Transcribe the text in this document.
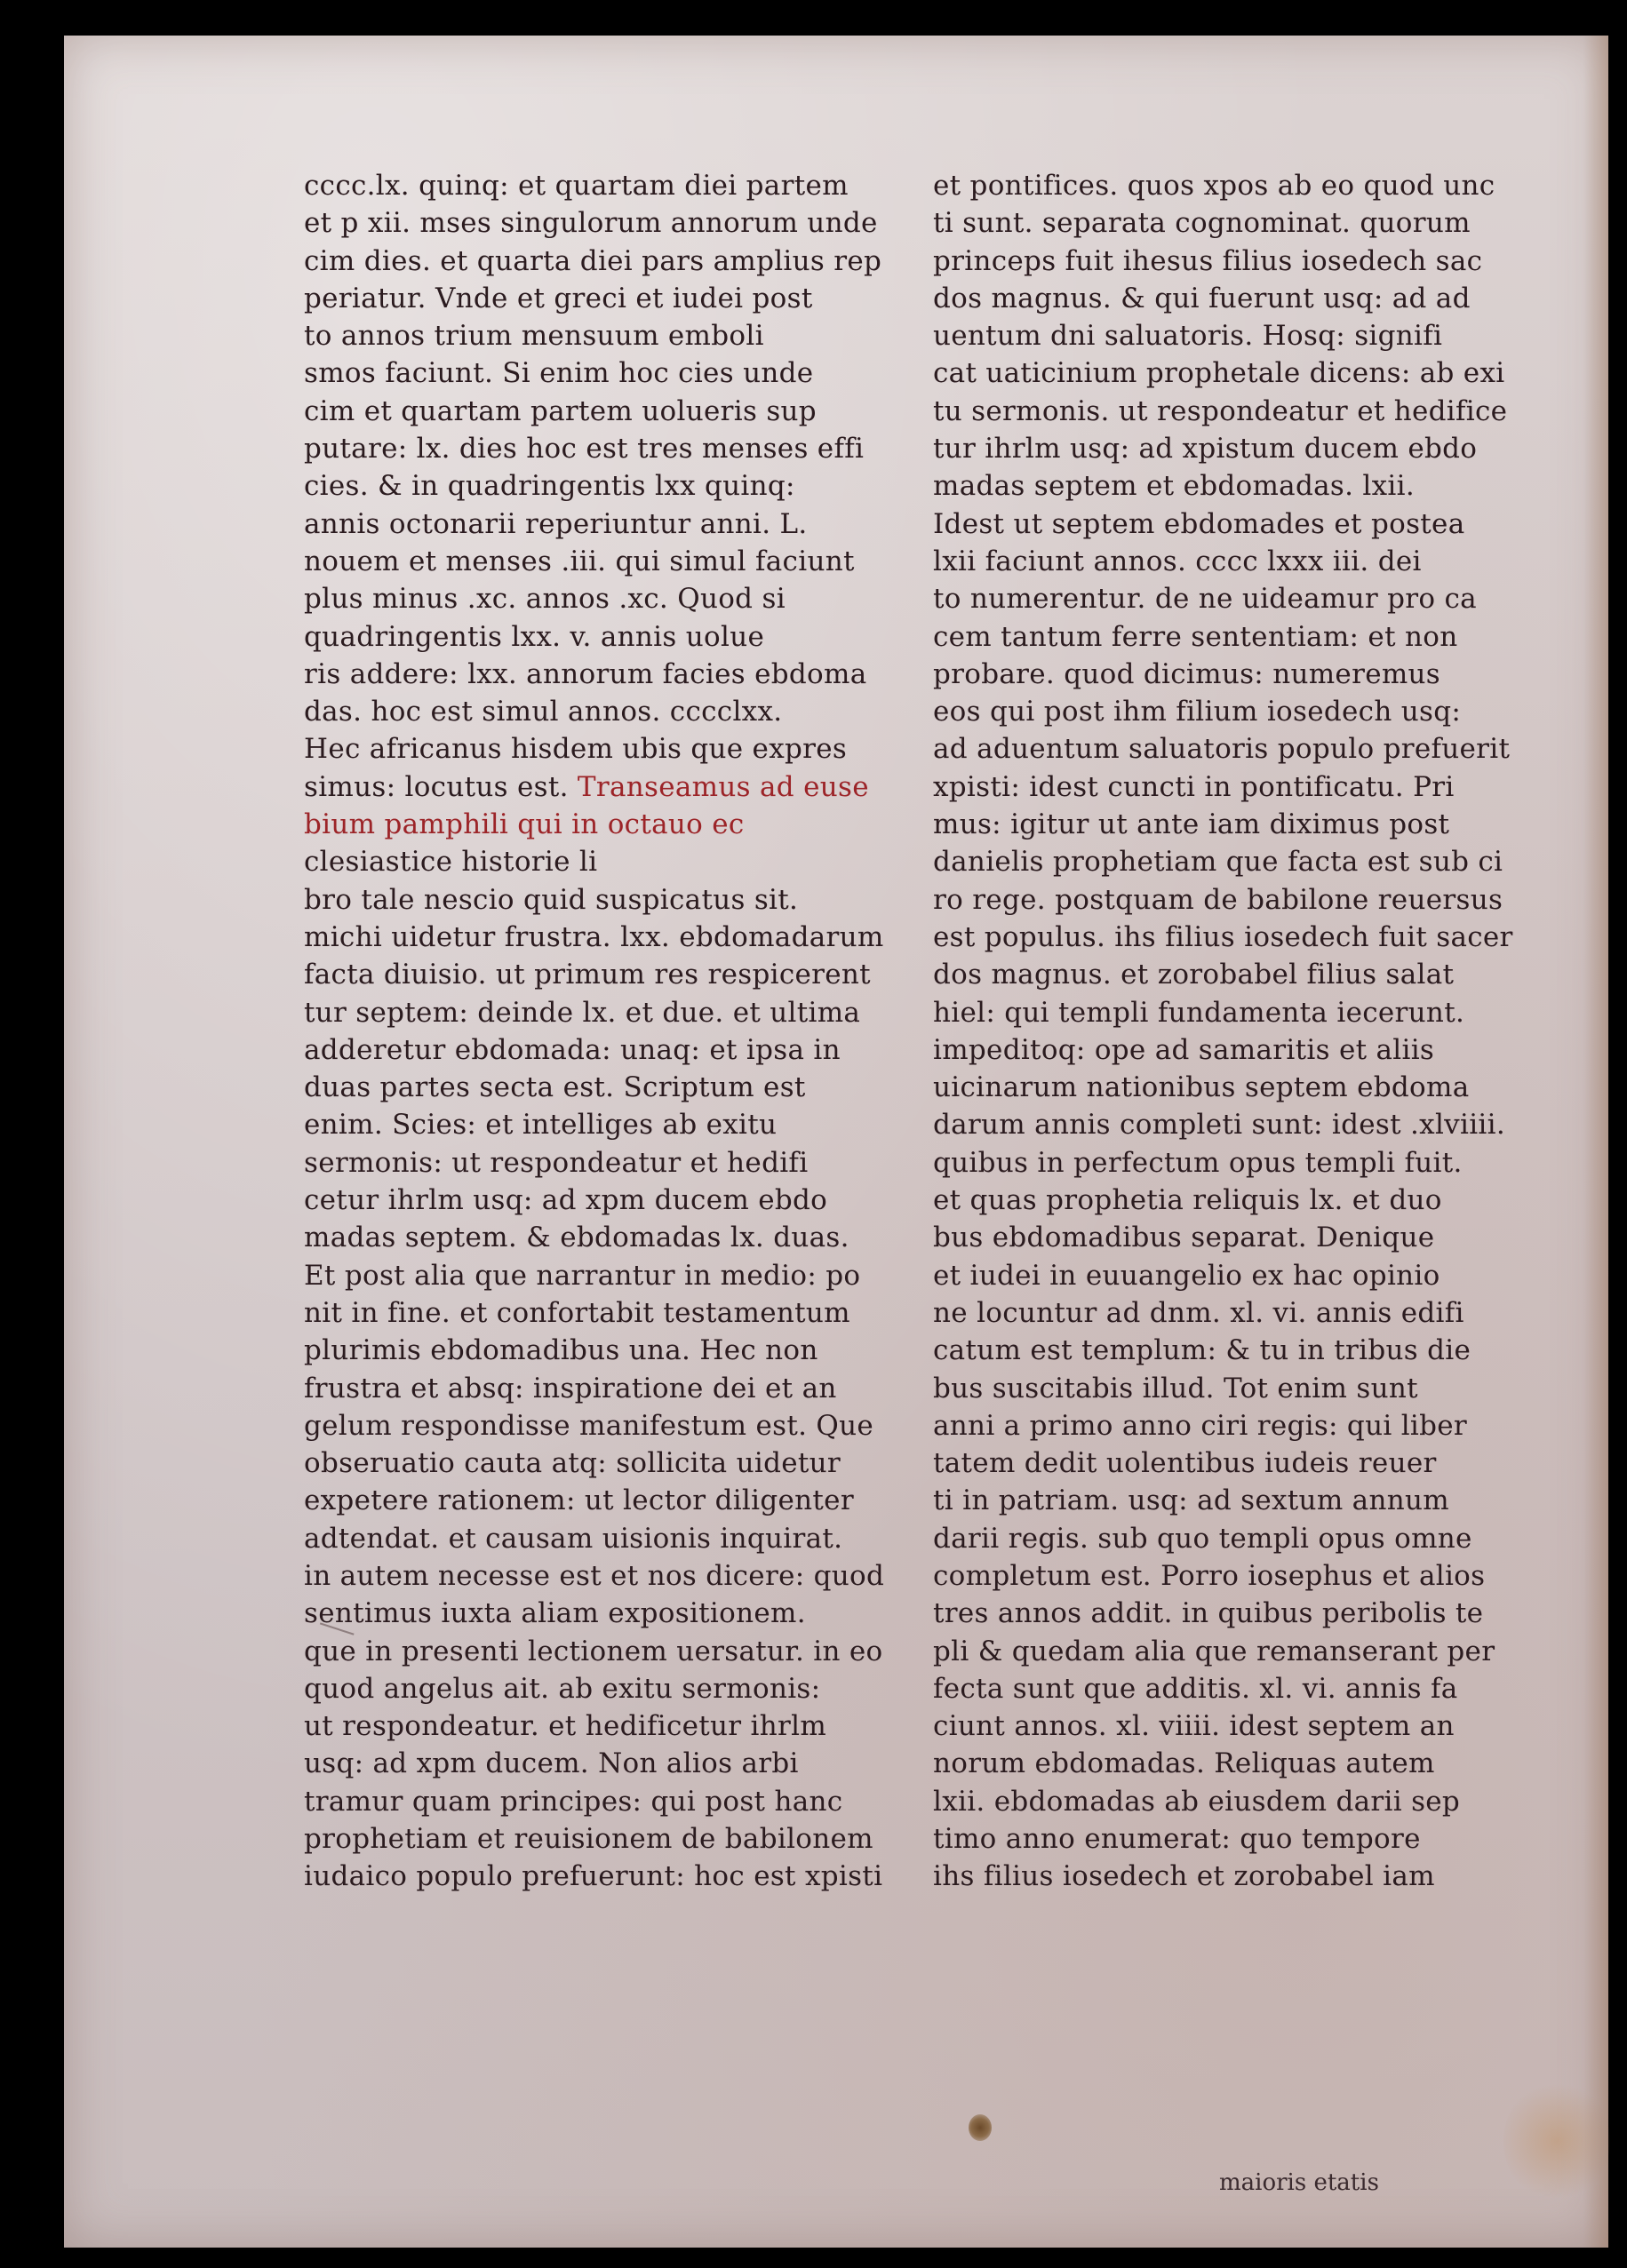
cccc.lx. quinq: et quartam diei partem
et p xii. mses singulorum annorum unde
cim dies. et quarta diei pars amplius rep
periatur. Vnde et greci et iudei post
to annos trium mensuum emboli
smos faciunt. Si enim hoc cies unde
cim et quartam partem uolueris sup
putare: lx. dies hoc est tres menses effi
cies. & in quadringentis lxx quinq:
annis octonarii reperiuntur anni. L.
nouem et menses .iii. qui simul faciunt
plus minus .xc. annos .xc. Quod si
quadringentis lxx. v. annis uolue
ris addere: lxx. annorum facies ebdoma
das. hoc est simul annos. cccclxx.
Hec africanus hisdem ubis que expres
simus: locutus est. Transeamus ad euse
bium pamphili qui in octauo ec
clesiastice historie li
bro tale nescio quid suspicatus sit.
michi uidetur frustra. lxx. ebdomadarum
facta diuisio. ut primum res respicerent
tur septem: deinde lx. et due. et ultima
adderetur ebdomada: unaq: et ipsa in
duas partes secta est. Scriptum est
enim. Scies: et intelliges ab exitu
sermonis: ut respondeatur et hedifi
cetur ihrlm usq: ad xpm ducem ebdo
madas septem. & ebdomadas lx. duas.
Et post alia que narrantur in medio: po
nit in fine. et confortabit testamentum
plurimis ebdomadibus una. Hec non
frustra et absq: inspiratione dei et an
gelum respondisse manifestum est. Que
obseruatio cauta atq: sollicita uidetur
expetere rationem: ut lector diligenter
adtendat. et causam uisionis inquirat.
in autem necesse est et nos dicere: quod
sentimus iuxta aliam expositionem.
que in presenti lectionem uersatur. in eo
quod angelus ait. ab exitu sermonis:
ut respondeatur. et hedificetur ihrlm
usq: ad xpm ducem. Non alios arbi
tramur quam principes: qui post hanc
prophetiam et reuisionem de babilonem
iudaico populo prefuerunt: hoc est xpisti
et pontifices. quos xpos ab eo quod unc
ti sunt. separata cognominat. quorum
princeps fuit ihesus filius iosedech sac
dos magnus. & qui fuerunt usq: ad ad
uentum dni saluatoris. Hosq: signifi
cat uaticinium prophetale dicens: ab exi
tu sermonis. ut respondeatur et hedifice
tur ihrlm usq: ad xpistum ducem ebdo
madas septem et ebdomadas. lxii.
Idest ut septem ebdomades et postea
lxii faciunt annos. cccc lxxx iii. dei
to numerentur. de ne uideamur pro ca
cem tantum ferre sententiam: et non
probare. quod dicimus: numeremus
eos qui post ihm filium iosedech usq:
ad aduentum saluatoris populo prefuerit
xpisti: idest cuncti in pontificatu. Pri
mus: igitur ut ante iam diximus post
danielis prophetiam que facta est sub ci
ro rege. postquam de babilone reuersus
est populus. ihs filius iosedech fuit sacer
dos magnus. et zorobabel filius salat
hiel: qui templi fundamenta iecerunt.
impeditoq: ope ad samaritis et aliis
uicinarum nationibus septem ebdoma
darum annis completi sunt: idest .xlviiii.
quibus in perfectum opus templi fuit.
et quas prophetia reliquis lx. et duo
bus ebdomadibus separat. Denique
et iudei in euuangelio ex hac opinio
ne locuntur ad dnm. xl. vi. annis edifi
catum est templum: & tu in tribus die
bus suscitabis illud. Tot enim sunt
anni a primo anno ciri regis: qui liber
tatem dedit uolentibus iudeis reuer
ti in patriam. usq: ad sextum annum
darii regis. sub quo templi opus omne
completum est. Porro iosephus et alios
tres annos addit. in quibus peribolis te
pli & quedam alia que remanserant per
fecta sunt que additis. xl. vi. annis fa
ciunt annos. xl. viiii. idest septem an
norum ebdomadas. Reliquas autem
lxii. ebdomadas ab eiusdem darii sep
timo anno enumerat: quo tempore
ihs filius iosedech et zorobabel iam
maioris etatis
